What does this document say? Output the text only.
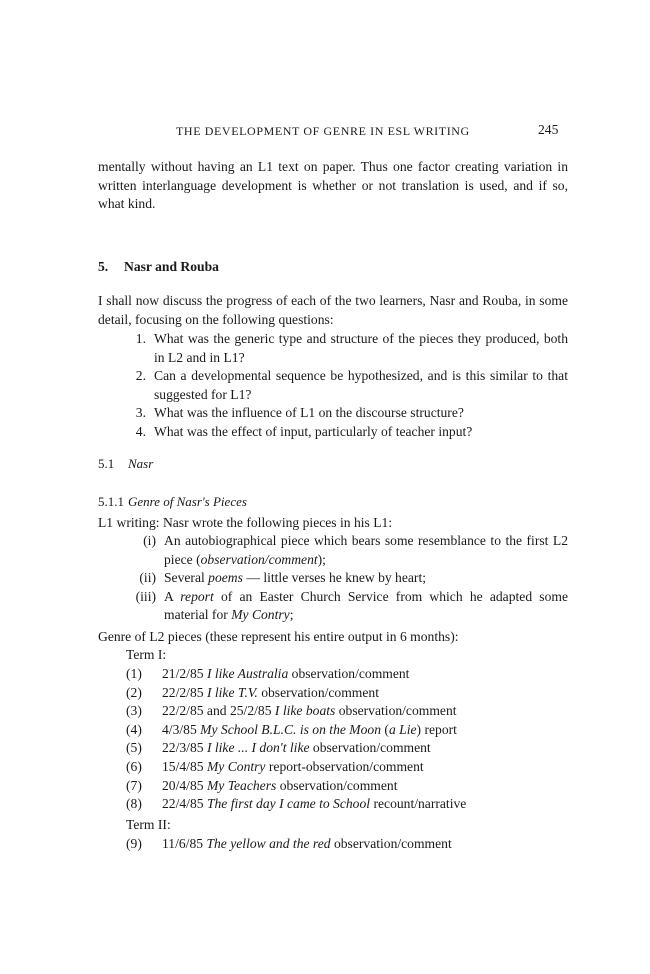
THE DEVELOPMENT OF GENRE IN ESL WRITING	245
mentally without having an L1 text on paper. Thus one factor creating variation in written interlanguage development is whether or not translation is used, and if so, what kind.
5. Nasr and Rouba
I shall now discuss the progress of each of the two learners, Nasr and Rouba, in some detail, focusing on the following questions:
1. What was the generic type and structure of the pieces they produced, both in L2 and in L1?
2. Can a developmental sequence be hypothesized, and is this similar to that suggested for L1?
3. What was the influence of L1 on the discourse structure?
4. What was the effect of input, particularly of teacher input?
5.1 Nasr
5.1.1 Genre of Nasr's Pieces
L1 writing: Nasr wrote the following pieces in his L1:
(i) An autobiographical piece which bears some resemblance to the first L2 piece (observation/comment);
(ii) Several poems — little verses he knew by heart;
(iii) A report of an Easter Church Service from which he adapted some material for My Contry;
Genre of L2 pieces (these represent his entire output in 6 months):
Term I:
(1)	21/2/85 I like Australia observation/comment
(2)	22/2/85 I like T.V. observation/comment
(3)	22/2/85 and 25/2/85 I like boats observation/comment
(4)	4/3/85 My School B.L.C. is on the Moon (a Lie) report
(5)	22/3/85 I like ... I don't like observation/comment
(6)	15/4/85 My Contry report-observation/comment
(7)	20/4/85 My Teachers observation/comment
(8)	22/4/85 The first day I came to School recount/narrative
Term II:
(9)	11/6/85 The yellow and the red observation/comment
